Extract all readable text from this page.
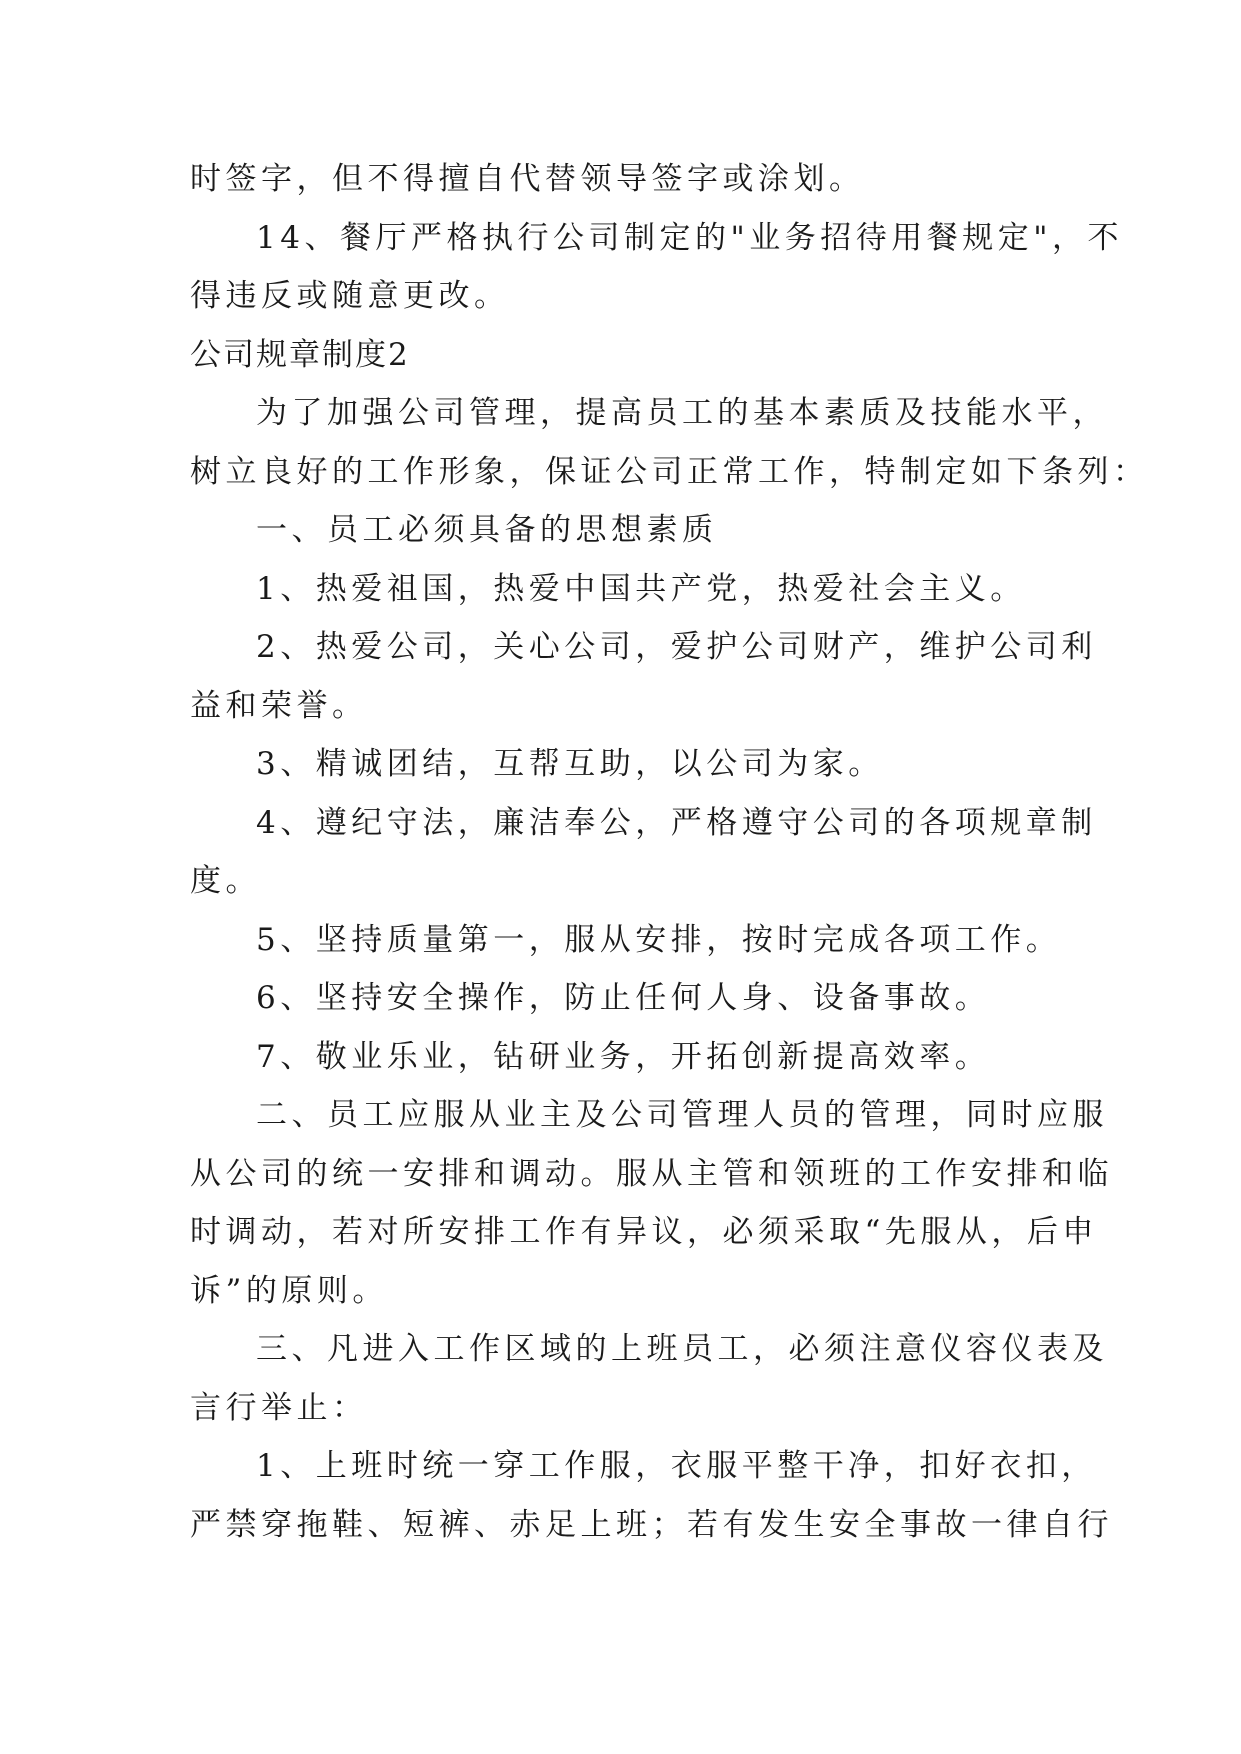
时签字，但不得擅自代替领导签字或涂划。

14、餐厅严格执行公司制定的"业务招待用餐规定"，不

得违反或随意更改。

公司规章制度2

为了加强公司管理，提高员工的基本素质及技能水平，

树立良好的工作形象，保证公司正常工作，特制定如下条列：

一、员工必须具备的思想素质

1、热爱祖国，热爱中国共产党，热爱社会主义。

2、热爱公司，关心公司，爱护公司财产，维护公司利

益和荣誉。

3、精诚团结，互帮互助，以公司为家。

4、遵纪守法，廉洁奉公，严格遵守公司的各项规章制

度。

5、坚持质量第一，服从安排，按时完成各项工作。

6、坚持安全操作，防止任何人身、设备事故。

7、敬业乐业，钻研业务，开拓创新提高效率。

二、员工应服从业主及公司管理人员的管理，同时应服

从公司的统一安排和调动。服从主管和领班的工作安排和临

时调动，若对所安排工作有异议，必须采取“先服从，后申

诉”的原则。

三、凡进入工作区域的上班员工，必须注意仪容仪表及

言行举止：

1、上班时统一穿工作服，衣服平整干净，扣好衣扣，

严禁穿拖鞋、短裤、赤足上班；若有发生安全事故一律自行
